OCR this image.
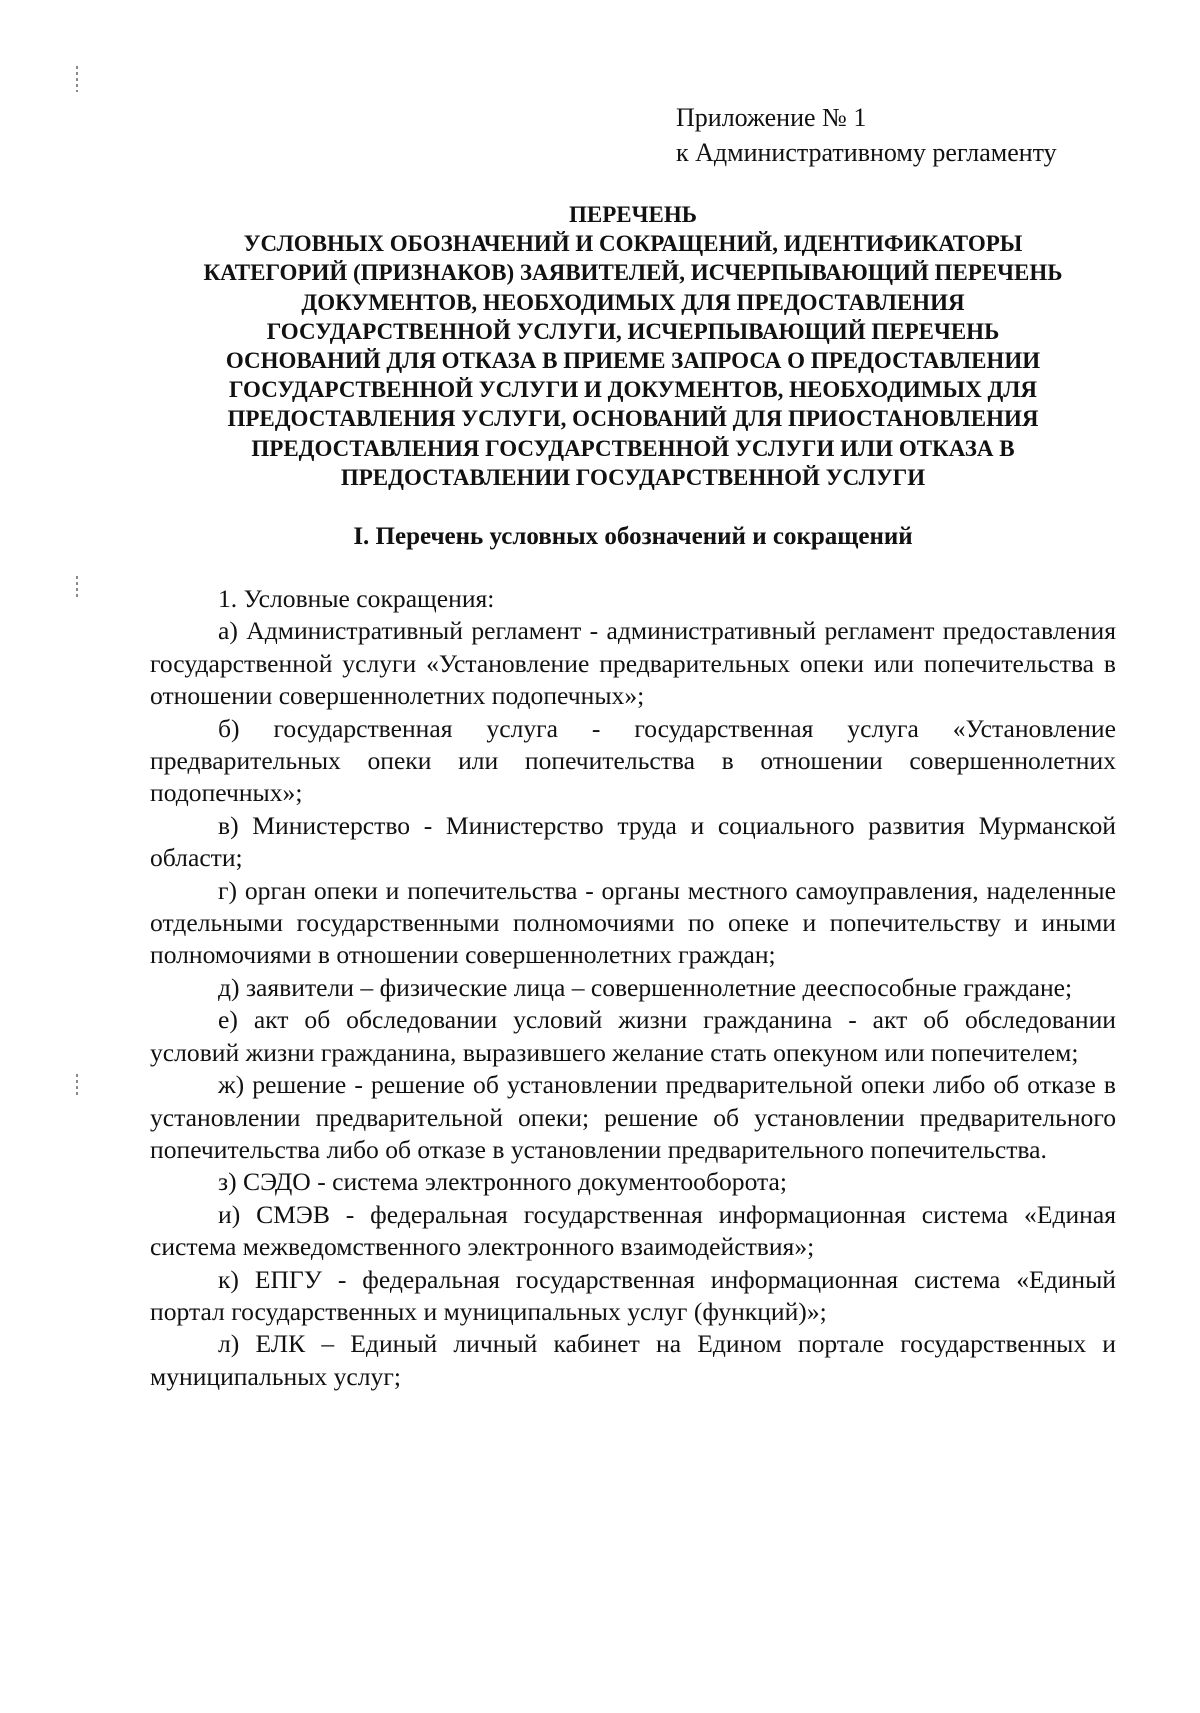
Приложение № 1
к Административному регламенту
ПЕРЕЧЕНЬ
УСЛОВНЫХ ОБОЗНАЧЕНИЙ И СОКРАЩЕНИЙ, ИДЕНТИФИКАТОРЫ
КАТЕГОРИЙ (ПРИЗНАКОВ) ЗАЯВИТЕЛЕЙ, ИСЧЕРПЫВАЮЩИЙ ПЕРЕЧЕНЬ
ДОКУМЕНТОВ, НЕОБХОДИМЫХ ДЛЯ ПРЕДОСТАВЛЕНИЯ
ГОСУДАРСТВЕННОЙ УСЛУГИ, ИСЧЕРПЫВАЮЩИЙ ПЕРЕЧЕНЬ
ОСНОВАНИЙ ДЛЯ ОТКАЗА В ПРИЕМЕ ЗАПРОСА О ПРЕДОСТАВЛЕНИИ
ГОСУДАРСТВЕННОЙ УСЛУГИ И ДОКУМЕНТОВ, НЕОБХОДИМЫХ ДЛЯ
ПРЕДОСТАВЛЕНИЯ УСЛУГИ, ОСНОВАНИЙ ДЛЯ ПРИОСТАНОВЛЕНИЯ
ПРЕДОСТАВЛЕНИЯ ГОСУДАРСТВЕННОЙ УСЛУГИ ИЛИ ОТКАЗА В
ПРЕДОСТАВЛЕНИИ ГОСУДАРСТВЕННОЙ УСЛУГИ
I. Перечень условных обозначений и сокращений

1. Условные сокращения:

а) Административный регламент - административный регламент предоставления государственной услуги «Установление предварительных опеки или попечительства в отношении совершеннолетних подопечных»;

б) государственная услуга - государственная услуга «Установление предварительных опеки или попечительства в отношении совершеннолетних подопечных»;

в) Министерство - Министерство труда и социального развития Мурманской области;

г) орган опеки и попечительства - органы местного самоуправления, наделенные отдельными государственными полномочиями по опеке и попечительству и иными полномочиями в отношении совершеннолетних граждан;

д) заявители – физические лица – совершеннолетние дееспособные граждане;

е) акт об обследовании условий жизни гражданина - акт об обследовании условий жизни гражданина, выразившего желание стать опекуном или попечителем;

ж) решение - решение об установлении предварительной опеки либо об отказе в установлении предварительной опеки; решение об установлении предварительного попечительства либо об отказе в установлении предварительного попечительства.

з) СЭДО - система электронного документооборота;

и) СМЭВ - федеральная государственная информационная система «Единая система межведомственного электронного взаимодействия»;

к) ЕПГУ - федеральная государственная информационная система «Единый портал государственных и муниципальных услуг (функций)»;

л) ЕЛК – Единый личный кабинет на Едином портале государственных и муниципальных услуг;
